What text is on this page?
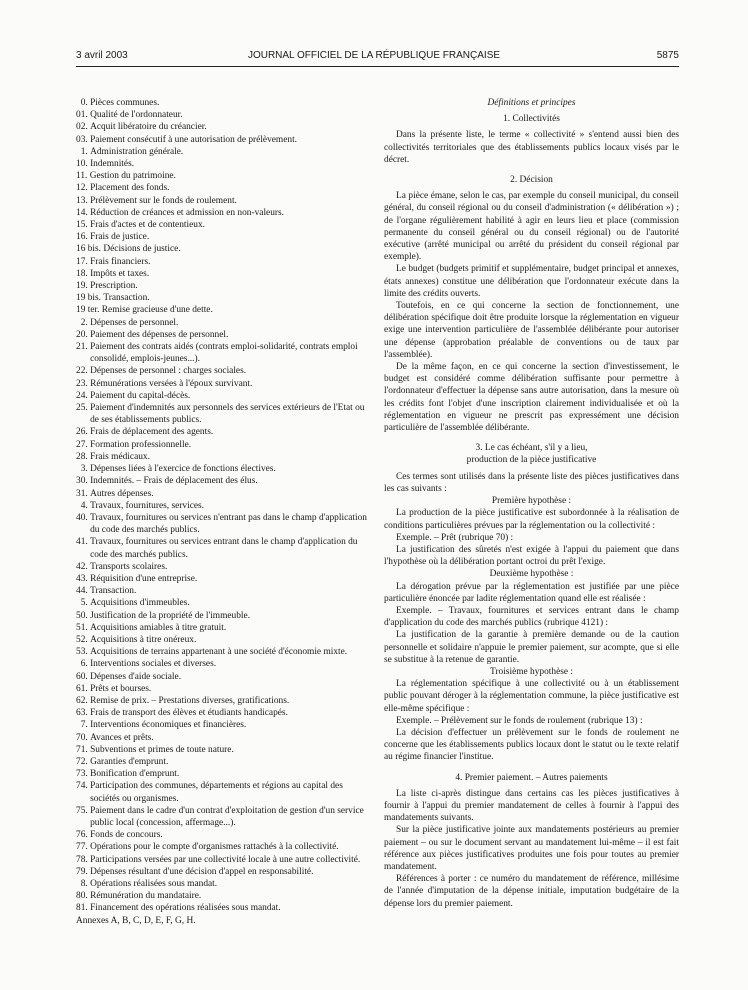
3 avril 2003	JOURNAL OFFICIEL DE LA RÉPUBLIQUE FRANÇAISE	5875
0. Pièces communes.
01. Qualité de l'ordonnateur.
02. Acquit libératoire du créancier.
03. Paiement consécutif à une autorisation de prélèvement.
1. Administration générale.
10. Indemnités.
11. Gestion du patrimoine.
12. Placement des fonds.
13. Prélèvement sur le fonds de roulement.
14. Réduction de créances et admission en non-valeurs.
15. Frais d'actes et de contentieux.
16. Frais de justice.
16 bis. Décisions de justice.
17. Frais financiers.
18. Impôts et taxes.
19. Prescription.
19 bis. Transaction.
19 ter. Remise gracieuse d'une dette.
2. Dépenses de personnel.
20. Paiement des dépenses de personnel.
21. Paiement des contrats aidés (contrats emploi-solidarité, contrats emploi consolidé, emplois-jeunes...).
22. Dépenses de personnel : charges sociales.
23. Rémunérations versées à l'époux survivant.
24. Paiement du capital-décès.
25. Paiement d'indemnités aux personnels des services extérieurs de l'Etat ou de ses établissements publics.
26. Frais de déplacement des agents.
27. Formation professionnelle.
28. Frais médicaux.
3. Dépenses liées à l'exercice de fonctions électives.
30. Indemnités. – Frais de déplacement des élus.
31. Autres dépenses.
4. Travaux, fournitures, services.
40. Travaux, fournitures ou services n'entrant pas dans le champ d'application du code des marchés publics.
41. Travaux, fournitures ou services entrant dans le champ d'application du code des marchés publics.
42. Transports scolaires.
43. Réquisition d'une entreprise.
44. Transaction.
5. Acquisitions d'immeubles.
50. Justification de la propriété de l'immeuble.
51. Acquisitions amiables à titre gratuit.
52. Acquisitions à titre onéreux.
53. Acquisitions de terrains appartenant à une société d'économie mixte.
6. Interventions sociales et diverses.
60. Dépenses d'aide sociale.
61. Prêts et bourses.
62. Remise de prix. – Prestations diverses, gratifications.
63. Frais de transport des élèves et étudiants handicapés.
7. Interventions économiques et financières.
70. Avances et prêts.
71. Subventions et primes de toute nature.
72. Garanties d'emprunt.
73. Bonification d'emprunt.
74. Participation des communes, départements et régions au capital des sociétés ou organismes.
75. Paiement dans le cadre d'un contrat d'exploitation de gestion d'un service public local (concession, affermage...).
76. Fonds de concours.
77. Opérations pour le compte d'organismes rattachés à la collectivité.
78. Participations versées par une collectivité locale à une autre collectivité.
79. Dépenses résultant d'une décision d'appel en responsabilité.
8. Opérations réalisées sous mandat.
80. Rémunération du mandataire.
81. Financement des opérations réalisées sous mandat.
Annexes A, B, C, D, E, F, G, H.

Définitions et principes

1. Collectivités

Dans la présente liste, le terme « collectivité » s'entend aussi bien des collectivités territoriales que des établissements publics locaux visés par le décret.

2. Décision

La pièce émane, selon le cas, par exemple du conseil municipal, du conseil général, du conseil régional ou du conseil d'administration (« délibération ») ; de l'organe régulièrement habilité à agir en leurs lieu et place (commission permanente du conseil général ou du conseil régional) ou de l'autorité exécutive (arrêté municipal ou arrêté du président du conseil régional par exemple).

Le budget (budgets primitif et supplémentaire, budget principal et annexes, états annexes) constitue une délibération que l'ordonnateur exécute dans la limite des crédits ouverts.

Toutefois, en ce qui concerne la section de fonctionnement, une délibération spécifique doit être produite lorsque la réglementation en vigueur exige une intervention particulière de l'assemblée délibérante pour autoriser une dépense (approbation préalable de conventions ou de taux par l'assemblée).

De la même façon, en ce qui concerne la section d'investissement, le budget est considéré comme délibération suffisante pour permettre à l'ordonnateur d'effectuer la dépense sans autre autorisation, dans la mesure où les crédits font l'objet d'une inscription clairement individualisée et où la réglementation en vigueur ne prescrit pas expressément une décision particulière de l'assemblée délibérante.

3. Le cas échéant, s'il y a lieu,

production de la pièce justificative

Ces termes sont utilisés dans la présente liste des pièces justificatives dans les cas suivants :

Première hypothèse :

La production de la pièce justificative est subordonnée à la réalisation de conditions particulières prévues par la réglementation ou la collectivité :

Exemple. – Prêt (rubrique 70) :

La justification des sûretés n'est exigée à l'appui du paiement que dans l'hypothèse où la délibération portant octroi du prêt l'exige.

Deuxième hypothèse :

La dérogation prévue par la réglementation est justifiée par une pièce particulière énoncée par ladite réglementation quand elle est réalisée :

Exemple. – Travaux, fournitures et services entrant dans le champ d'application du code des marchés publics (rubrique 4121) :

La justification de la garantie à première demande ou de la caution personnelle et solidaire n'appuie le premier paiement, sur acompte, que si elle se substitue à la retenue de garantie.

Troisième hypothèse :

La réglementation spécifique à une collectivité ou à un établissement public pouvant déroger à la réglementation commune, la pièce justificative est elle-même spécifique :

Exemple. – Prélèvement sur le fonds de roulement (rubrique 13) :

La décision d'effectuer un prélèvement sur le fonds de roulement ne concerne que les établissements publics locaux dont le statut ou le texte relatif au régime financier l'institue.

4. Premier paiement. – Autres paiements

La liste ci-après distingue dans certains cas les pièces justificatives à fournir à l'appui du premier mandatement de celles à fournir à l'appui des mandatements suivants.

Sur la pièce justificative jointe aux mandatements postérieurs au premier paiement – ou sur le document servant au mandatement lui-même – il est fait référence aux pièces justificatives produites une fois pour toutes au premier mandatement.

Références à porter : ce numéro du mandatement de référence, millésime de l'année d'imputation de la dépense initiale, imputation budgétaire de la dépense lors du premier paiement.
